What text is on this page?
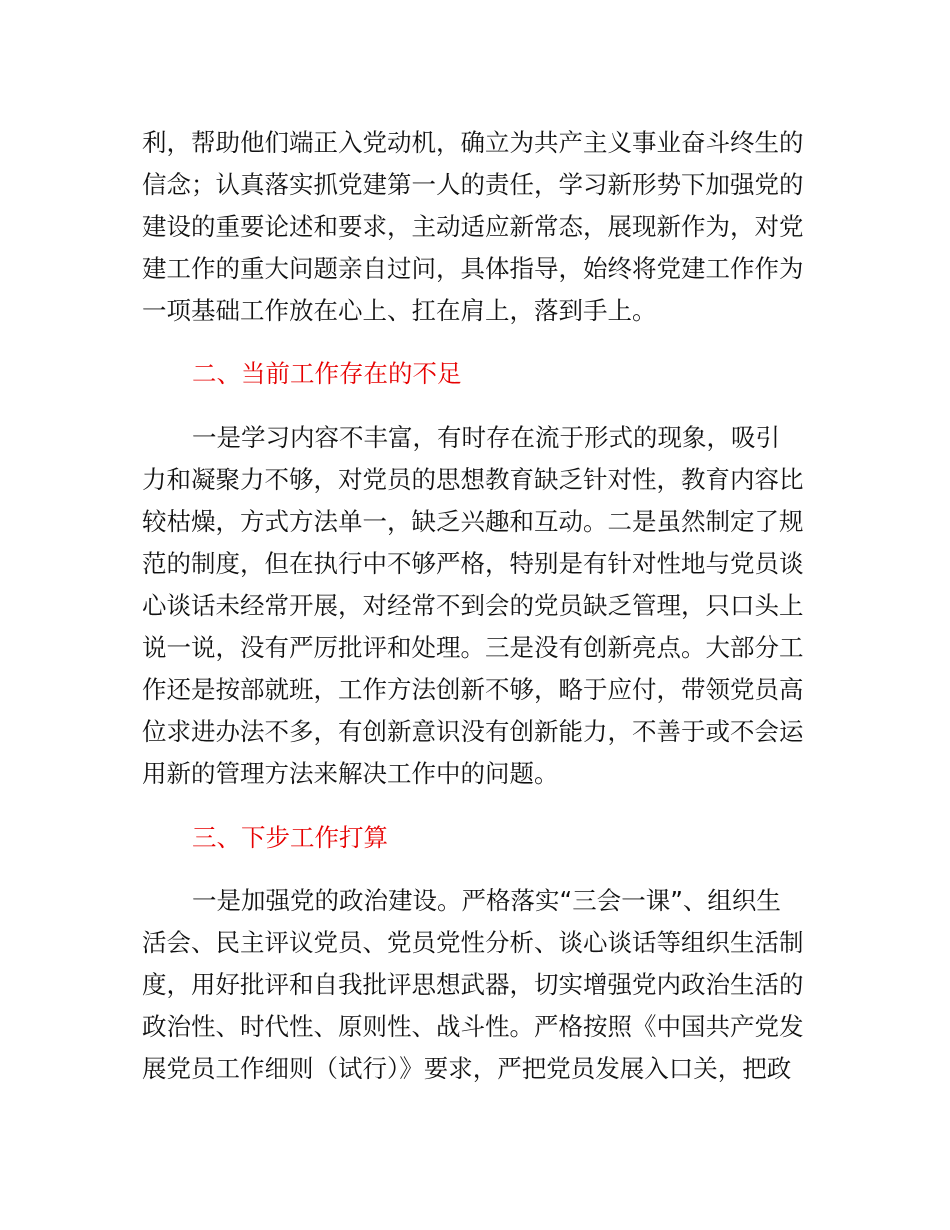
利，帮助他们端正入党动机，确立为共产主义事业奋斗终生的
信念；认真落实抓党建第一人的责任，学习新形势下加强党的
建设的重要论述和要求，主动适应新常态，展现新作为，对党
建工作的重大问题亲自过问，具体指导，始终将党建工作作为
一项基础工作放在心上、扛在肩上，落到手上。
二、当前工作存在的不足
一是学习内容不丰富，有时存在流于形式的现象，吸引
力和凝聚力不够，对党员的思想教育缺乏针对性，教育内容比
较枯燥，方式方法单一，缺乏兴趣和互动。二是虽然制定了规
范的制度，但在执行中不够严格，特别是有针对性地与党员谈
心谈话未经常开展，对经常不到会的党员缺乏管理，只口头上
说一说，没有严厉批评和处理。三是没有创新亮点。大部分工
作还是按部就班，工作方法创新不够，略于应付，带领党员高
位求进办法不多，有创新意识没有创新能力，不善于或不会运
用新的管理方法来解决工作中的问题。
三、下步工作打算
一是加强党的政治建设。严格落实“三会一课”、组织生
活会、民主评议党员、党员党性分析、谈心谈话等组织生活制
度，用好批评和自我批评思想武器，切实增强党内政治生活的
政治性、时代性、原则性、战斗性。严格按照《中国共产党发
展党员工作细则（试行）》要求，严把党员发展入口关，把政
